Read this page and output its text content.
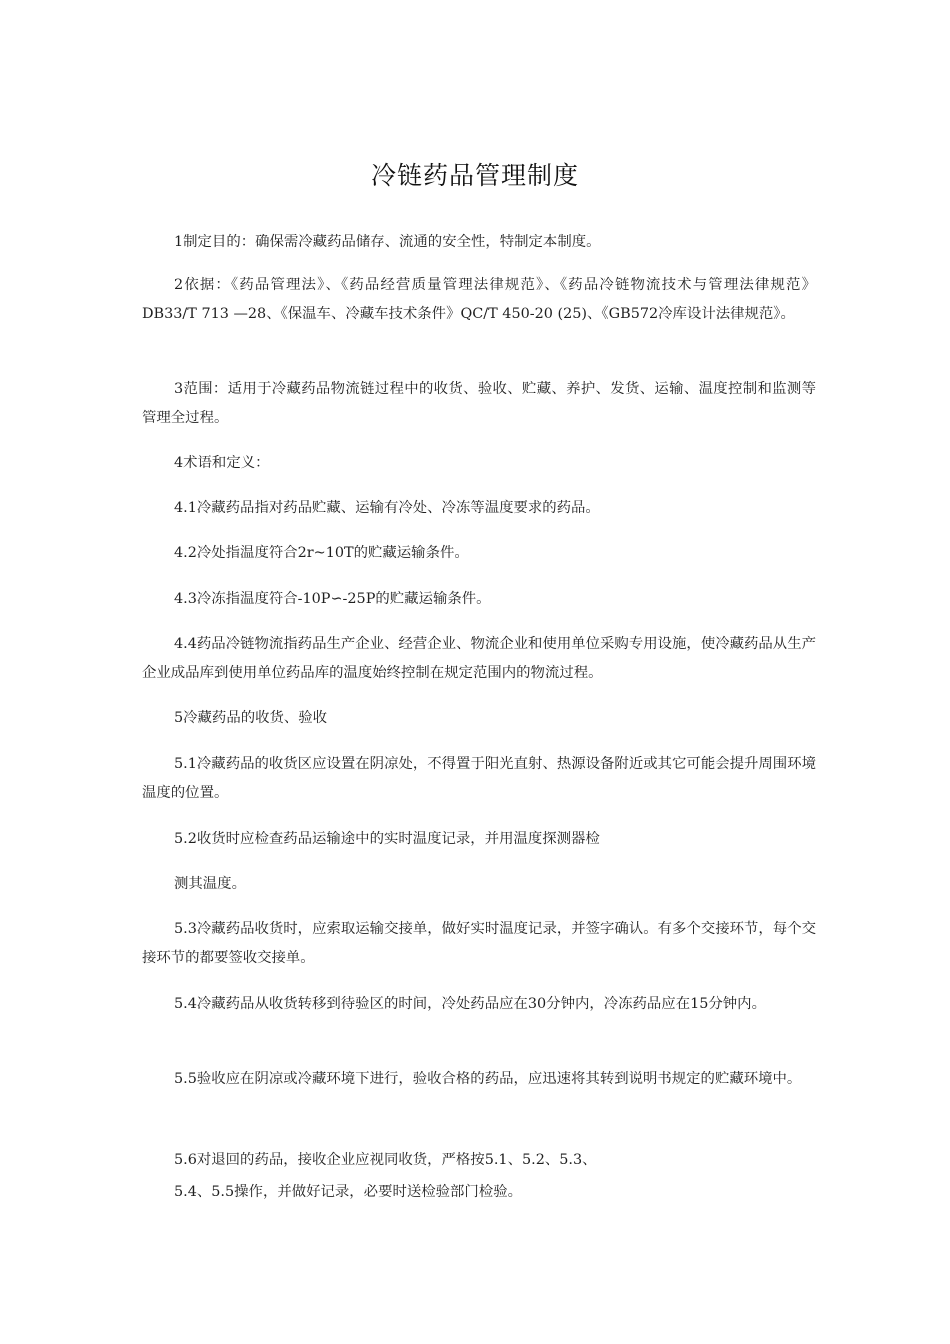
冷链药品管理制度
1制定目的：确保需冷藏药品储存、流通的安全性，特制定本制度。
2依据：《药品管理法》、《药品经营质量管理法律规范》、《药品冷链物流技术与管理法律规范》DB33/T 713 —28、《保温车、冷藏车技术条件》QC/T 450-20 (25)、《GB572冷库设计法律规范》。
3范围：适用于冷藏药品物流链过程中的收货、验收、贮藏、养护、发货、运输、温度控制和监测等管理全过程。
4术语和定义：
4.1冷藏药品指对药品贮藏、运输有冷处、冷冻等温度要求的药品。
4.2冷处指温度符合2r~10T的贮藏运输条件。
4.3冷冻指温度符合-10P∽-25P的贮藏运输条件。
4.4药品冷链物流指药品生产企业、经营企业、物流企业和使用单位采购专用设施，使冷藏药品从生产企业成品库到使用单位药品库的温度始终控制在规定范围内的物流过程。
5冷藏药品的收货、验收
5.1冷藏药品的收货区应设置在阴凉处，不得置于阳光直射、热源设备附近或其它可能会提升周围环境温度的位置。
5.2收货时应检查药品运输途中的实时温度记录，并用温度探测器检
测其温度。
5.3冷藏药品收货时，应索取运输交接单，做好实时温度记录，并签字确认。有多个交接环节，每个交接环节的都要签收交接单。
5.4冷藏药品从收货转移到待验区的时间，冷处药品应在30分钟内，冷冻药品应在15分钟内。
5.5验收应在阴凉或冷藏环境下进行，验收合格的药品，应迅速将其转到说明书规定的贮藏环境中。
5.6对退回的药品，接收企业应视同收货，严格按5.1、5.2、5.3、
5.4、5.5操作，并做好记录，必要时送检验部门检验。
